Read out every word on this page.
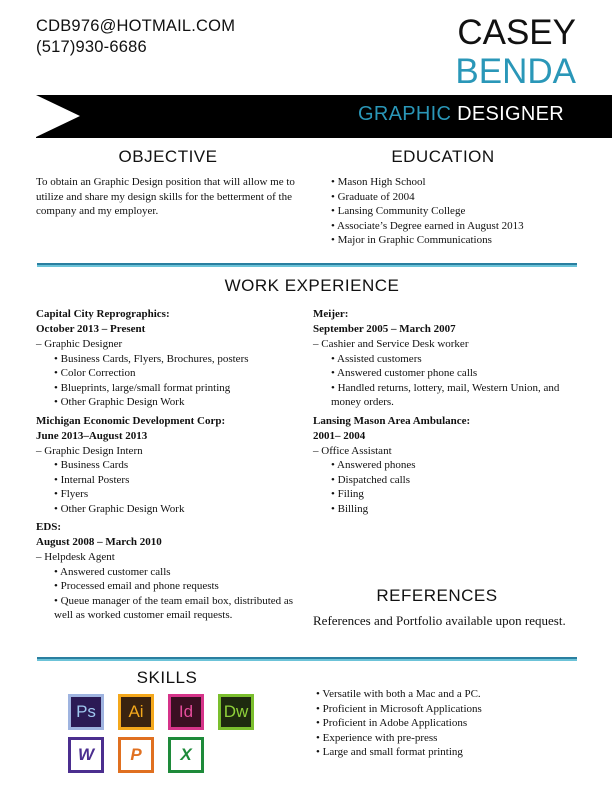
CDB976@HOTMAIL.COM
(517)930-6686	CASEY
BENDA
GRAPHIC DESIGNER
OBJECTIVE
To obtain an Graphic Design position that will allow me to utilize and share my design skills for the betterment of the company and my employer.
EDUCATION
• Mason High School
• Graduate of 2004
• Lansing Community College
• Associate’s Degree earned in August 2013
• Major in Graphic Communications
WORK EXPERIENCE
Capital City Reprographics:
October 2013 – Present
– Graphic Designer
• Business Cards, Flyers, Brochures, posters
• Color Correction
• Blueprints, large/small format printing
• Other Graphic Design Work
Michigan Economic Development Corp:
June 2013–August 2013
– Graphic Design Intern
• Business Cards
• Internal Posters
• Flyers
• Other Graphic Design Work
EDS:
August 2008 – March 2010
– Helpdesk Agent
• Answered customer calls
• Processed email and phone requests
• Queue manager of the team email box, distributed as well as worked customer email requests.
Meijer:
September 2005 – March 2007
– Cashier and Service Desk worker
• Assisted customers
• Answered customer phone calls
• Handled returns, lottery, mail, Western Union, and money orders.
Lansing Mason Area Ambulance:
2001– 2004
– Office Assistant
• Answered phones
• Dispatched calls
• Filing
• Billing
REFERENCES
References and Portfolio available upon request.
SKILLS
Ps	Ai	Id	Dw
W	P	X
• Versatile with both a Mac and a PC.
• Proficient in Microsoft Applications
• Proficient in Adobe Applications
• Experience with pre-press
• Large and small format printing
